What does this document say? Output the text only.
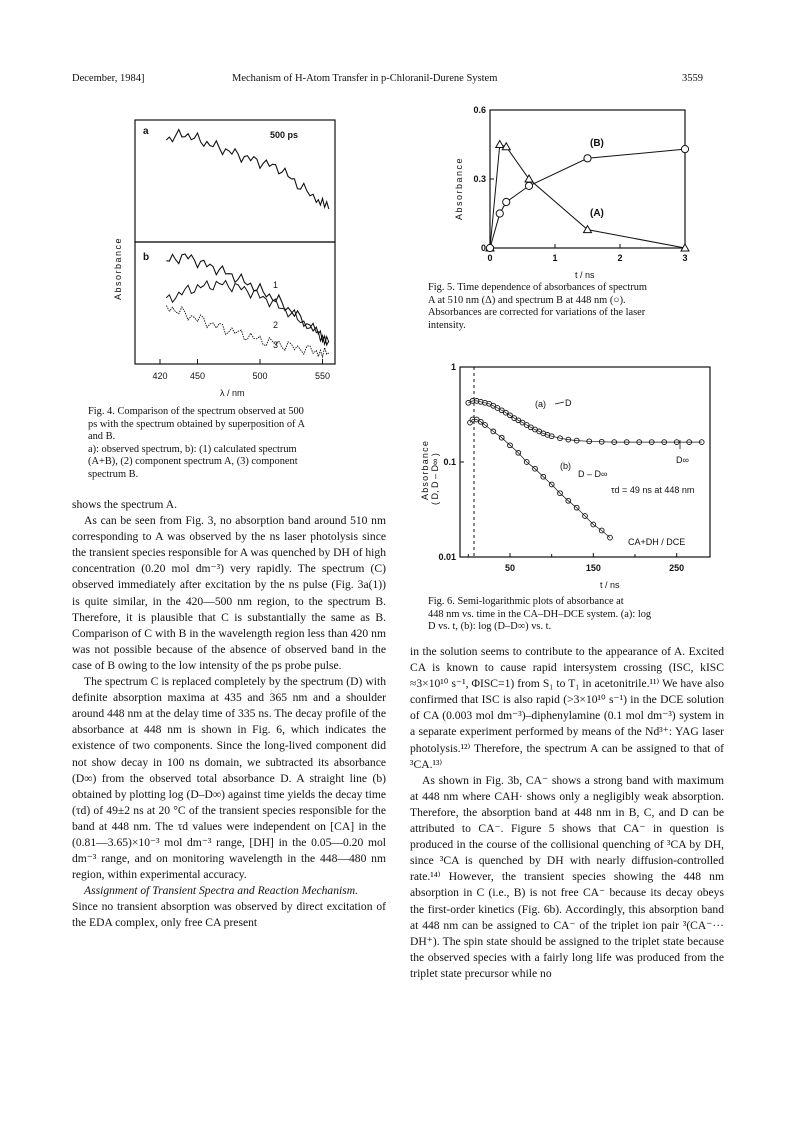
December, 1984]	Mechanism of H-Atom Transfer in p-Chloranil-Durene System	3559
a
b
500 ps
Absorbance	1
2
3
420 450	500	550
λ / nm
Fig. 4. Comparison of the spectrum observed at 500
ps with the spectrum obtained by superposition of A
and B.
a): observed spectrum, b): (1) calculated spectrum
(A+B), (2) component spectrum A, (3) component
spectrum B.
Absorbance
0	1	2	3
0
0.3
0.6
(B)
(A)
t / ns
Fig. 5. Time dependence of absorbances of spectrum
A at 510 nm (Δ) and spectrum B at 448 nm (○).
Absorbances are corrected for variations of the laser
intensity.
Absorbance ( D, D – D∞ )
50	150	250
0.01
0.1
1
(a) D
(b)
D – D∞
τd = 49 ns at 448 nm
D∞
CA+DH / DCE
t / ns
Fig. 6. Semi-logarithmic plots of absorbance at
448 nm vs. time in the CA–DH–DCE system. (a): log
D vs. t, (b): log (D–D∞) vs. t.

shows the spectrum A.

As can be seen from Fig. 3, no absorption band around 510 nm corresponding to A was observed by the ns laser photolysis since the transient species responsible for A was quenched by DH of high concentration (0.20 mol dm⁻³) very rapidly. The spectrum (C) observed immediately after excitation by the ns pulse (Fig. 3a(1)) is quite similar, in the 420—500 nm region, to the spectrum B. Therefore, it is plausible that C is substantially the same as B. Comparison of C with B in the wavelength region less than 420 nm was not possible because of the absence of observed band in the case of B owing to the low intensity of the ps probe pulse.

The spectrum C is replaced completely by the spectrum (D) with definite absorption maxima at 435 and 365 nm and a shoulder around 448 nm at the delay time of 335 ns. The decay profile of the absorbance at 448 nm is shown in Fig. 6, which indicates the existence of two components. Since the long-lived component did not show decay in 100 ns domain, we subtracted its absorbance (D∞) from the observed total absorbance D. A straight line (b) obtained by plotting log (D–D∞) against time yields the decay time (τd) of 49±2 ns at 20 °C of the transient species responsible for the band at 448 nm. The τd values were independent on [CA] in the (0.81—3.65)×10⁻³ mol dm⁻³ range, [DH] in the 0.05—0.20 mol dm⁻³ range, and on monitoring wavelength in the 448—480 nm region, within experimental accuracy.

Assignment of Transient Spectra and Reaction Mechanism.

Since no transient absorption was observed by direct excitation of the EDA complex, only free CA present

in the solution seems to contribute to the appearance of A. Excited CA is known to cause rapid intersystem crossing (ISC, kISC ≈3×10¹⁰ s⁻¹, ΦISC=1) from S₁ to T₁ in acetonitrile.¹¹⁾ We have also confirmed that ISC is also rapid (>3×10¹⁰ s⁻¹) in the DCE solution of CA (0.003 mol dm⁻³)–diphenylamine (0.1 mol dm⁻³) system in a separate experiment performed by means of the Nd³⁺: YAG laser photolysis.¹²⁾ Therefore, the spectrum A can be assigned to that of ³CA.¹³⁾

As shown in Fig. 3b, CA⁻ shows a strong band with maximum at 448 nm where CAH· shows only a negligibly weak absorption. Therefore, the absorption band at 448 nm in B, C, and D can be attributed to CA⁻. Figure 5 shows that CA⁻ in question is produced in the course of the collisional quenching of ³CA by DH, since ³CA is quenched by DH with nearly diffusion-controlled rate.¹⁴⁾ However, the transient species showing the 448 nm absorption in C (i.e., B) is not free CA⁻ because its decay obeys the first-order kinetics (Fig. 6b). Accordingly, this absorption band at 448 nm can be assigned to CA⁻ of the triplet ion pair ³(CA⁻··· DH⁺). The spin state should be assigned to the triplet state because the observed species with a fairly long life was produced from the triplet state precursor while no
